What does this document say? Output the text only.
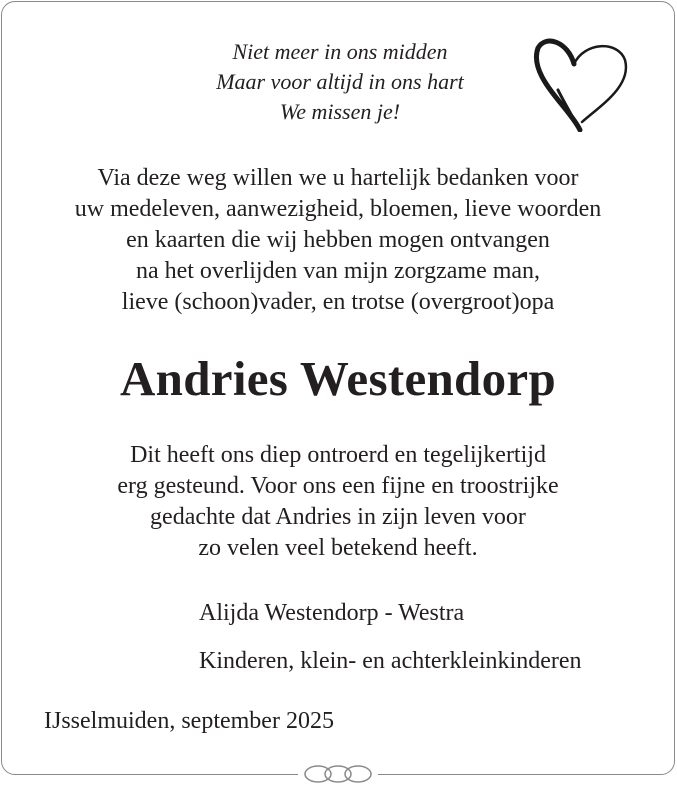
Niet meer in ons midden
Maar voor altijd in ons hart
We missen je!
Via deze weg willen we u hartelijk bedanken voor
uw medeleven, aanwezigheid, bloemen, lieve woorden
en kaarten die wij hebben mogen ontvangen
na het overlijden van mijn zorgzame man,
lieve (schoon)vader, en trotse (overgroot)opa
Andries Westendorp
Dit heeft ons diep ontroerd en tegelijkertijd
erg gesteund. Voor ons een fijne en troostrijke
gedachte dat Andries in zijn leven voor
zo velen veel betekend heeft.
Alijda Westendorp - Westra
Kinderen, klein- en achterkleinkinderen
IJsselmuiden, september 2025
